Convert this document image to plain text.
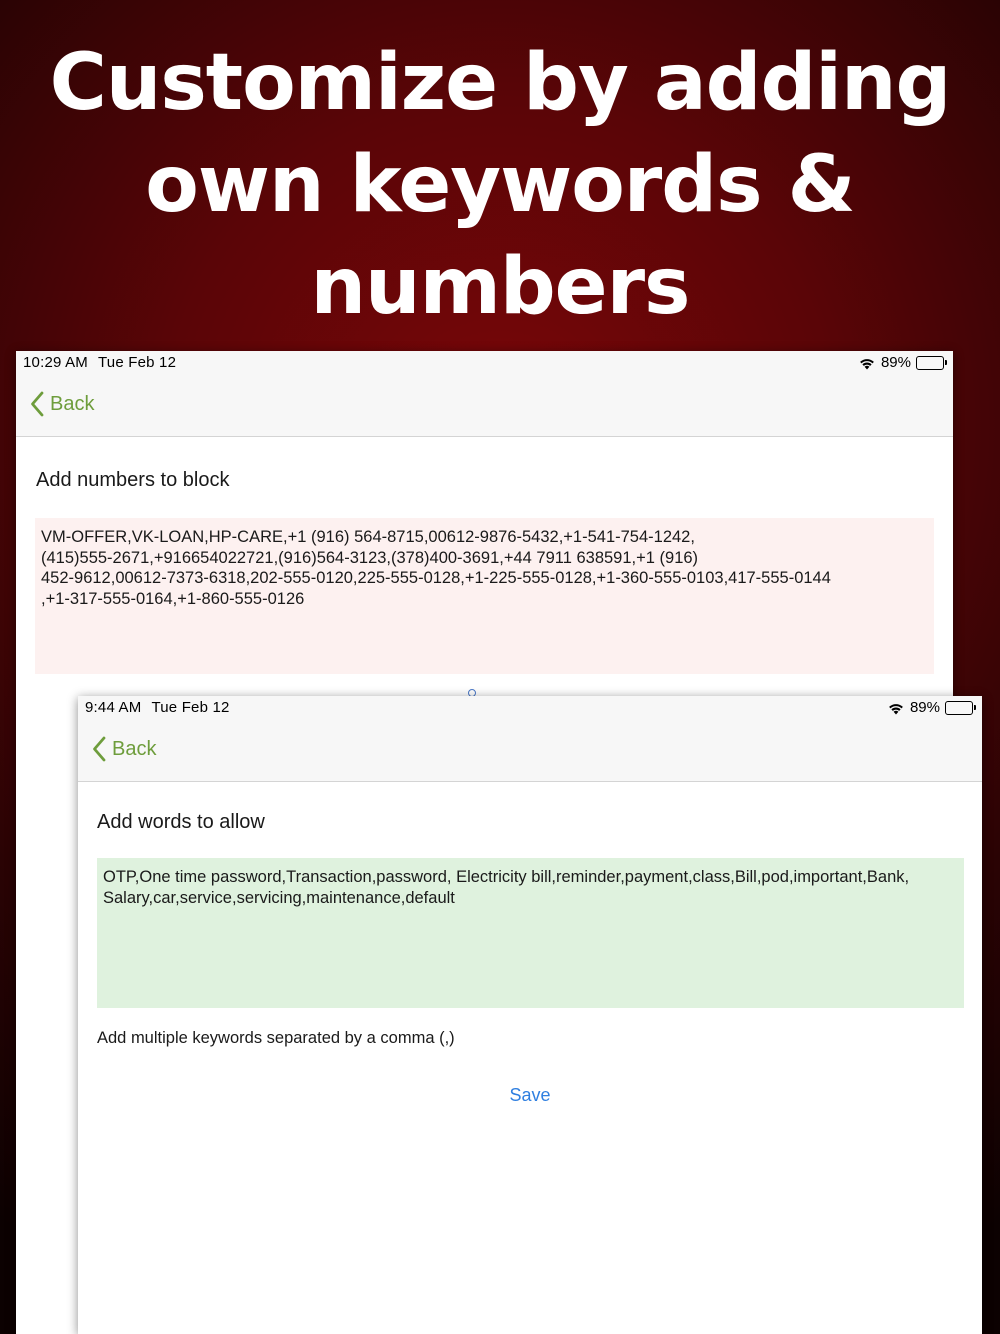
Customize by adding
own keywords &
numbers
10:29 AM Tue Feb 12	89%
Back
Add numbers to block
VM-OFFER,VK-LOAN,HP-CARE,+1 (916) 564-8715,00612-9876-5432,+1-541-754-1242,
(415)555-2671,+916654022721,(916)564-3123,(378)400-3691,+44 7911 638591,+1 (916)
452-9612,00612-7373-6318,202-555-0120,225-555-0128,+1-225-555-0128,+1-360-555-0103,417-555-0144
,+1-317-555-0164,+1-860-555-0126
9:44 AM Tue Feb 12	89%
Back
Add words to allow
OTP,One time password,Transaction,password, Electricity bill,reminder,payment,class,Bill,pod,important,Bank,
Salary,car,service,servicing,maintenance,default
Add multiple keywords separated by a comma (,)
Save
